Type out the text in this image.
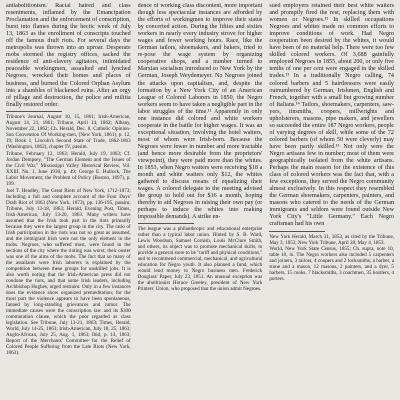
antiabolitionism. Racial hatred and class resentments, inflamed by the Emancipation Proclamation and the enforcement of conscription, burst into flames during the hectic week of July 13, 1863 as the enrollment of conscripts touched off the famous draft riots. For several days the metropolis was thrown into an uproar. Desperate mobs stormed the registry offices, sacked the residence of anti-slavery agitators, intimidated peaceable workingmen, assaulted and lynched Negroes, wrecked their homes and places of business, and burned the Colored Orphan Asylum into a shambles of blackened ruins. After an orgy of pillage and destruction, the police and militia finally restored order.

Tribune's Journal, August 10, 15, 1861; Irish-American, August 14, 21, 1861; Tribune, April 14, 1862; Albany, November 22, 1862; Ch. Herald, Dec. 8, Catholic Opinion-Sun Convention Of Working-men, (New York, 1861), p. 12, 19; Book 1, Lincoln's Second State of Trade, 1862-1863 (Washington, 1862), chapter IV, passim.

Tribune, February 12, 1863; Herald, July 19, 1863; Cf. Jordan Dempsey, "The German Element and the Issues of the Civil War," Mississippi Valley Historical Review, Vol. XXIII, No. 1, June 1936, p. 49; George E. Hullock, The Labor Movement; the Problem of Policy (Boston, 1897), p. 199.

Joel T. Headley, The Great Riots of New York, 1712-1873; Including a full and complete account of the Four Days' Draft Riot of 1863 (New York, 1873), pp. 136-195, passim; Tribune, July 13-18, 1863; Herald, Evening Post, Times, Irish-American, July 13-20, 1863. Many writers have assumed that the Irish took part in the riots primarily because they were the largest group in the city. The ratio of Irish participation in the riots was not so great as assumed, and the immigrant Irish were not the only element in the mobs. Negroes, who suffered most, were found in the sections of the city where the rioting was worst; their ouster was one of the aims of the mobs. The fact that so many of the assailants were Irish laborers is explained by the competition between these groups for unskilled jobs. It is also worth noting that the Irish-American press did not condone the riots, and that some Irish leaders, including Archbishop Hughes, urged restraint. Only in a few instances does the evidence show organized premeditation; for the most part the violence appears to have been spontaneous, fanned by long-standing grievances and rumor. The immediate causes were the conscription law and its $300 commutation clause, which the poor regarded as class legislation. See Tribune, July 13-21, 1863; Times, Herald, World, July 14-25, 1863; Irish-American, July 18, 25, 1863; Anglo-African, July 25, Aug. 1, 1863; Ibid, p. 14, 1863; Report of the Merchants' Committee for the Relief of Colored People Suffering from the Late Riots (New York, 1863).

dence of working class discontent, more important though less spectacular instances are afforded by the efforts of workingmen to improve their status by concerted action. During the fifties and sixties workers in nearly every industry strove for higher wages and fewer working hours. Race, like the German tailors, shoemakers, and bakers, tried to re-pose the wage system by organizing cooperative shops, and a number turned to Marxian socialism introduced to New York by the German, Joseph Weydemeyer. No Negroes joined the attacks upon capitalism, and, despite the formation by a New York City of an American League of Colored Laborers in 1850, the Negro workers seem to have taken a negligible part in the labor struggles of the time.¹¹ Apparently in only one instance did colored and white workers cooperate in the battle for higher wages. It was an exceptional situation, involving the hotel waiters, most of whom were Irish-born. Because the Negroes were fewer in number and more tractable (and hence more desirable from the proprietors' viewpoint), they were paid more than the whites. In 1853, when Negro waiters were receiving $18 a month and white waiters only $12, the whites gathered to discuss means of equalizing their wages. A colored delegate to the meeting advised the group to hold out for $16 a month, hoping thereby to aid Negroes in raising their own pay (or perhaps to induce the whites into making impossible demands). A strike en-

The league was a philanthropic and educational enterprise rather than a typical labor union. Hinted by S. B. Ward, Lewis Woodson, Samuel Cornish, Louis McClure Smith, and others, its object was to promote mechanical skills, to provide a general store to be "tariff and physical conditions," and to recommend commercial, mechanical, and agricultural education for Negro youth. It also planned a fund, which would lend money to Negro business men. Frederick Douglass' Paper, July 23, 1851. An unusual exception was the abolitionist Horace Greeley, president of New York Printers' Union, who proposed that the union admit Negroes.

sued employers retained their best white waiters and promptly fired the rest, replacing them with women or Negroes.¹² In skilled occupations Negroes and whites made no common efforts to improve conditions of work. Had Negro cooperation been desired by the whites, it would have been of no material help. There were too few skilled colored workers. Of 3,688 gainfully employed Negroes in 1855, about 200, or only five tenths of one per cent were engaged in the skilled trades.¹³ In a traditionally Negro calling, 74 colored barbers and 5 hairdressers were easily outnumbered by German, Irishmen, English and French, together with a small but growing number of Italians.¹⁴ Tailors, shoemakers, carpenters, saw-yers, tinsmiths, coopers, millwrights and upholsterers, masons, pipe makers, and jewellers so succeeded the entire 187 Negro workers, people of varying degrees of skill, while some of the 72 colored barbers (of whom 50 were cleverly) may have been partly skilled.¹⁵ Not only were the Negro artisans few in number; most of them were geographically isolated from the white artisans. Perhaps the main reason for the existence of this class of colored workers was the fact that, with a few exceptions, they served the Negro community almost exclusively. In this respect they resembled the German shoemakers, carpenters, painters, and masons who catered to the needs of the German immigrants and seldom were found outside New York City's "Little Germany." Each Negro craftsman had his own

New York Herald, March 31, 1853, as cited by the Tribune, May 3, 1853; New York Tribune, April 28, May 4, 1853.

World, New York State Census, 1855; Ch. supra, note 10, table 10, in. The Negro workers also included 5 carpenters and joiners, 3 tailors, 4 coopers and 2 locksmiths, a barber, a stone and a mason, 12 masons, 2 painters, and a dyer, 5 barbers, 15 cooks, 7 blacksmiths, 3 coachmen, 35 hostlers, 4 porters.
